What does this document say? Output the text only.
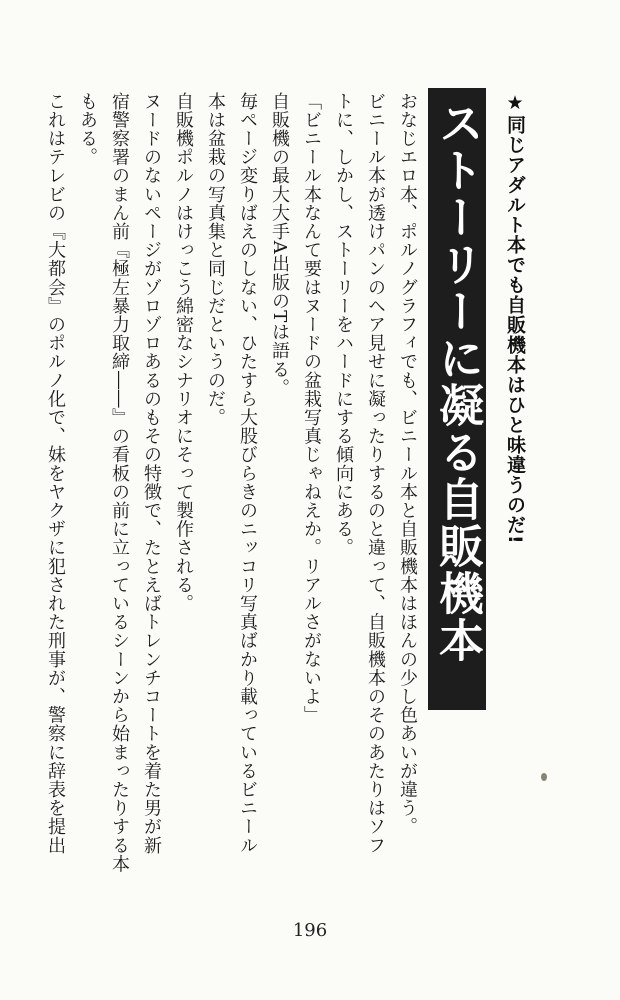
★同じアダルト本でも自販機本はひと味違うのだ!
ストーリーに凝る自販機本
おなじエロ本、ポルノグラフィでも、ビニール本と自販機本はほんの少し色あいが違う。
ビニール本が透けパンのヘア見せに凝ったりするのと違って、自販機本のそのあたりはソフ
トに、しかし、ストーリーをハードにする傾向にある。
「ビニール本なんて要はヌードの盆栽写真じゃねえか。リアルさがないよ」
自販機の最大大手A出版のTは語る。
毎ページ変りばえのしない、ひたすら大股びらきのニッコリ写真ばかり載っているビニール
本は盆栽の写真集と同じだというのだ。
自販機ポルノはけっこう綿密なシナリオにそって製作される。
ヌードのないページがゾロゾロあるのもその特徴で、たとえばトレンチコートを着た男が新
宿警察署のまん前『極左暴力取締――』の看板の前に立っているシーンから始まったりする本
もある。
これはテレビの『大都会』のポルノ化で、妹をヤクザに犯された刑事が、警察に辞表を提出
196
